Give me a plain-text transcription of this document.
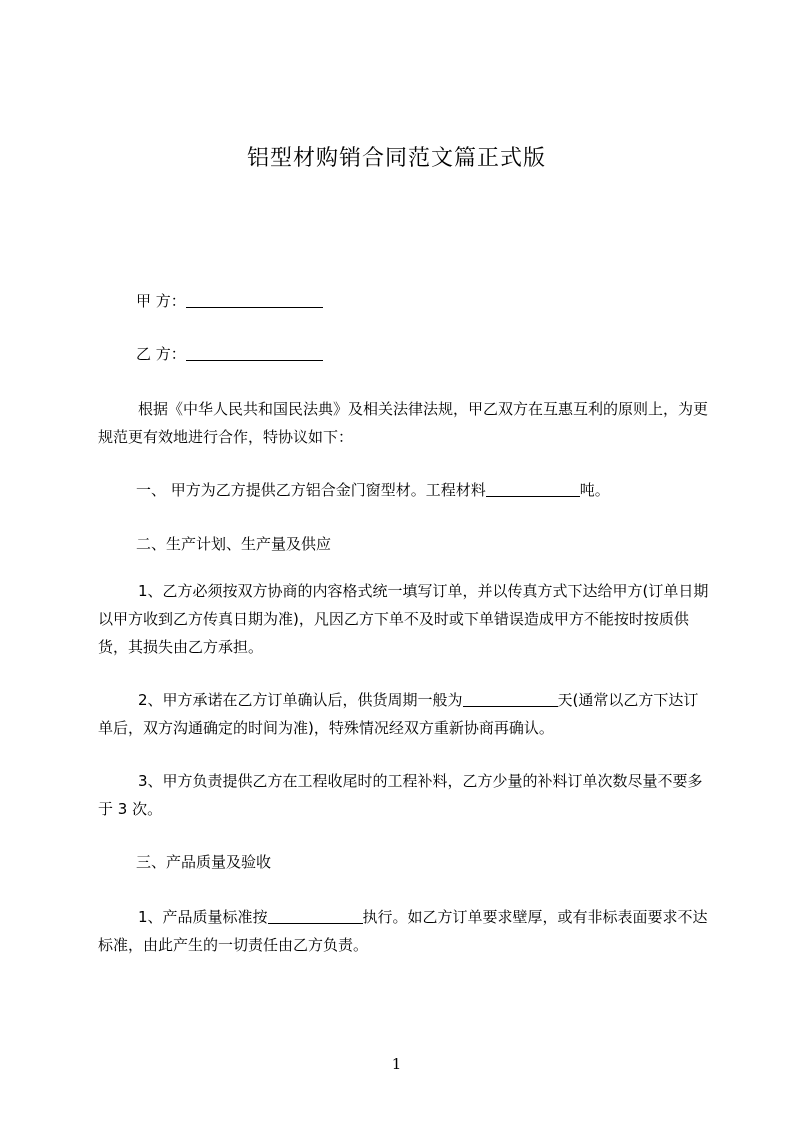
铝型材购销合同范文篇正式版
甲 方：
乙 方：
根据《中华人民共和国民法典》及相关法律法规，甲乙双方在互惠互利的原则上，为更规范更有效地进行合作，特协议如下：
一、 甲方为乙方提供乙方铝合金门窗型材。工程材料	吨。
二、生产计划、生产量及供应
1、乙方必须按双方协商的内容格式统一填写订单，并以传真方式下达给甲方(订单日期以甲方收到乙方传真日期为准)，凡因乙方下单不及时或下单错误造成甲方不能按时按质供货，其损失由乙方承担。
2、甲方承诺在乙方订单确认后，供货周期一般为	天(通常以乙方下达订单后，双方沟通确定的时间为准)，特殊情况经双方重新协商再确认。
3、甲方负责提供乙方在工程收尾时的工程补料，乙方少量的补料订单次数尽量不要多于 3 次。
三、产品质量及验收
1、产品质量标准按	执行。如乙方订单要求壁厚，或有非标表面要求不达标准，由此产生的一切责任由乙方负责。
1
